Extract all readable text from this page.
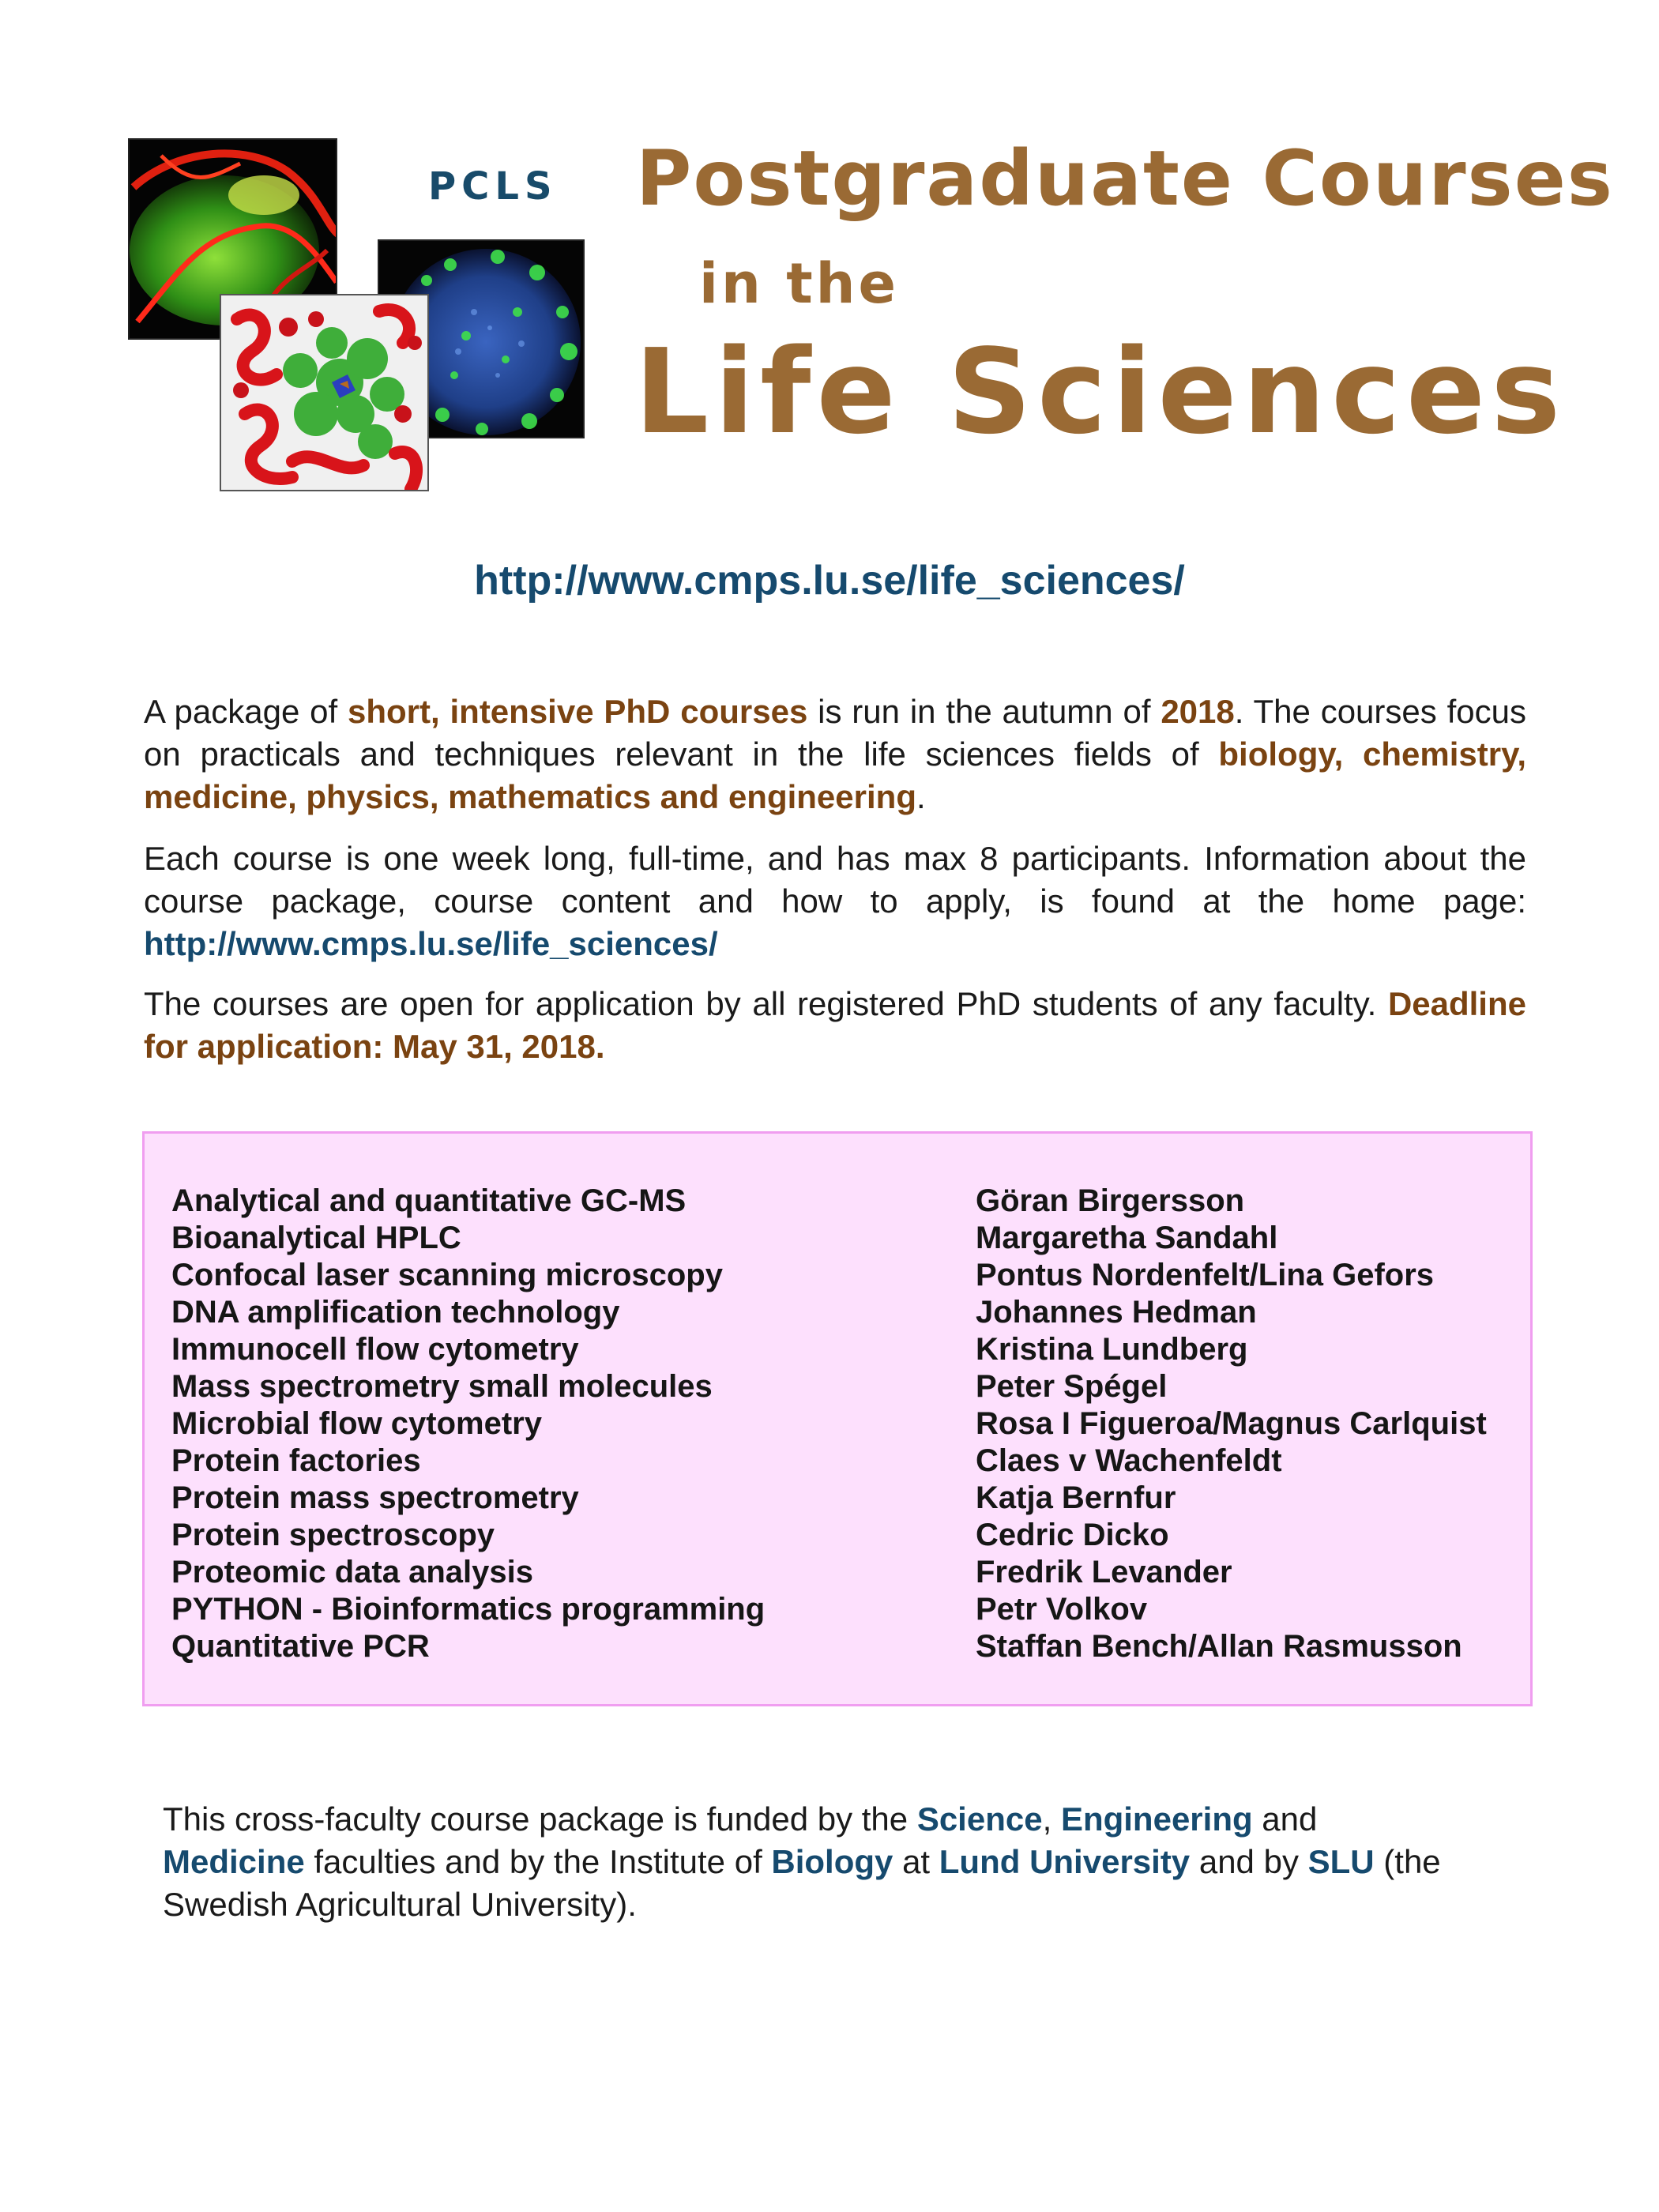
PCLS Postgraduate Courses
in the
Life Sciences
http://www.cmps.lu.se/life_sciences/
A package of short, intensive PhD courses is run in the autumn of 2018. The courses focus on practicals and techniques relevant in the life sciences fields of biology, chemistry, medicine, physics, mathematics and engineering.
Each course is one week long, full-time, and has max 8 participants. Information about the course package, course content and how to apply, is found at the home page: http://www.cmps.lu.se/life_sciences/
The courses are open for application by all registered PhD students of any faculty. Deadline for application: May 31, 2018.
Analytical and quantitative GC-MS
Bioanalytical HPLC
Confocal laser scanning microscopy
DNA amplification technology
Immunocell flow cytometry
Mass spectrometry small molecules
Microbial flow cytometry
Protein factories
Protein mass spectrometry
Protein spectroscopy
Proteomic data analysis
PYTHON - Bioinformatics programming
Quantitative PCR
Göran Birgersson
Margaretha Sandahl
Pontus Nordenfelt/Lina Gefors
Johannes Hedman
Kristina Lundberg
Peter Spégel
Rosa I Figueroa/Magnus Carlquist
Claes v Wachenfeldt
Katja Bernfur
Cedric Dicko
Fredrik Levander
Petr Volkov
Staffan Bench/Allan Rasmusson
This cross-faculty course package is funded by the Science, Engineering and
Medicine faculties and by the Institute of Biology at Lund University and by SLU (the Swedish Agricultural University).
